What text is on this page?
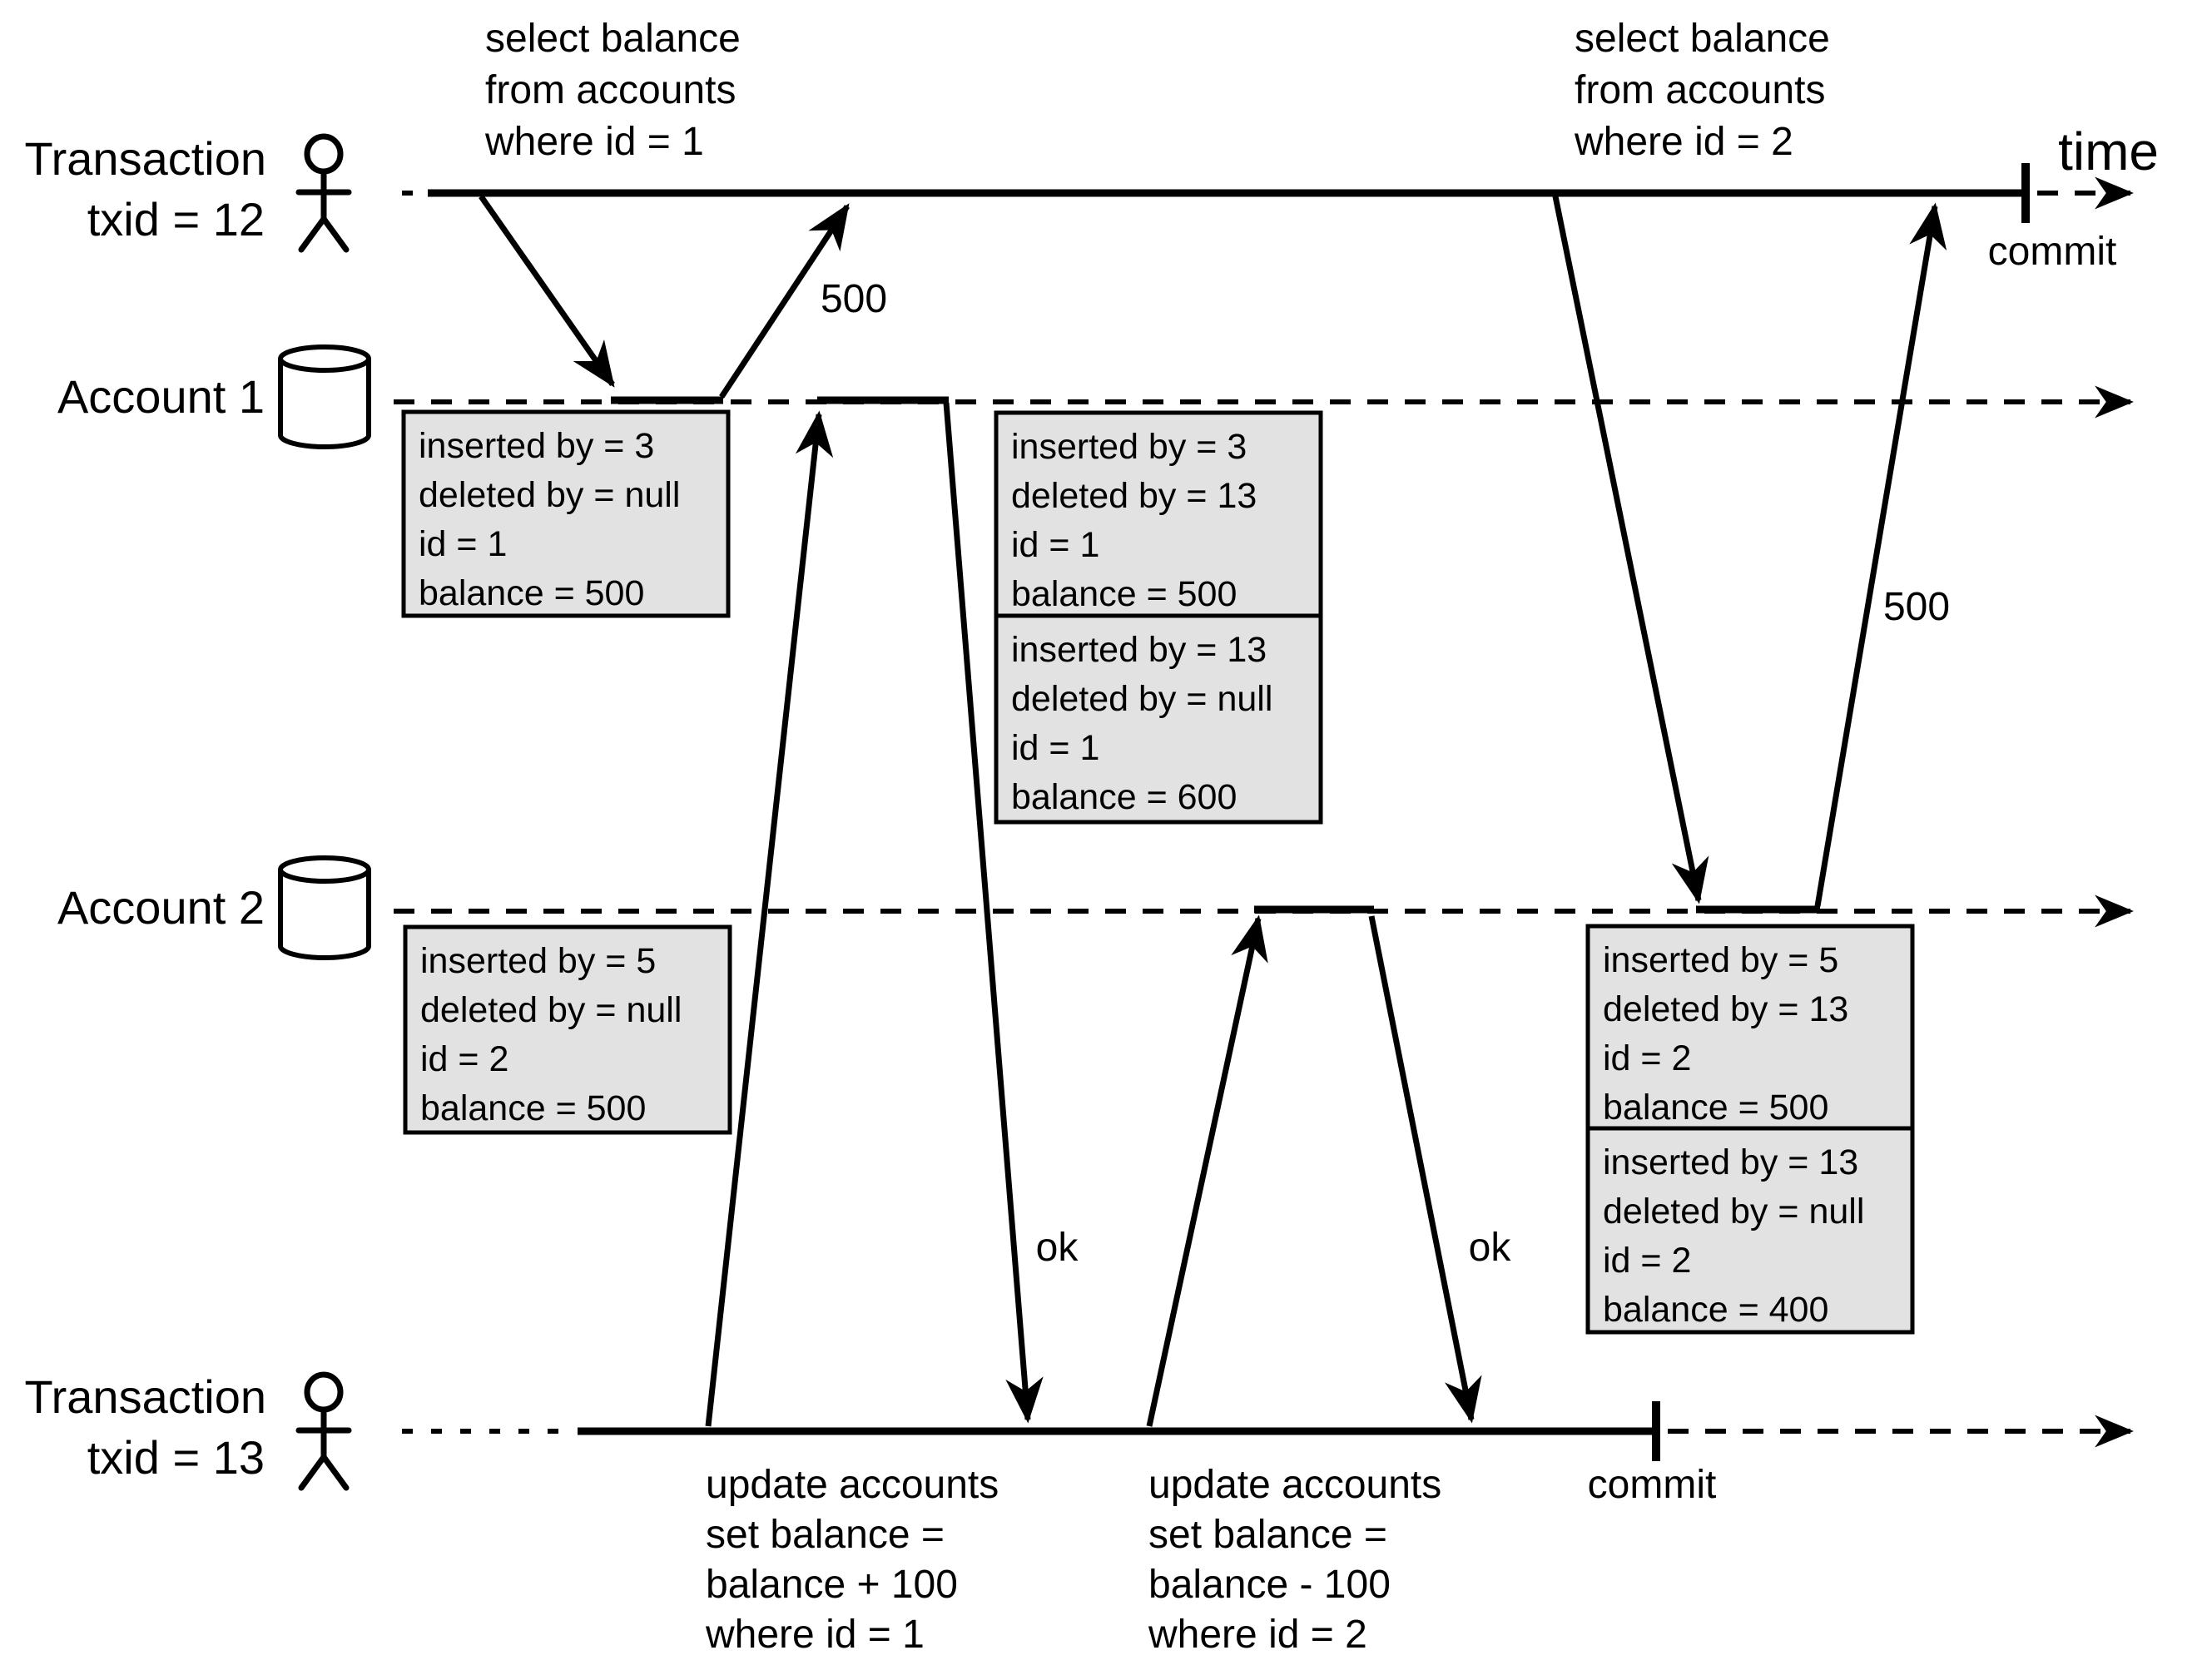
Transaction
txid = 12
Account 1
Account 2
Transaction
txid = 13
time
select balance
from accounts
where id = 1
select balance
from accounts
where id = 2
update accounts
set balance =
balance + 100
where id = 1
update accounts
set balance =
balance - 100
where id = 2
500
500
ok	ok
commit
commit
inserted by = 3
deleted by = null
id = 1
balance = 500
inserted by = 3
deleted by = 13
id = 1
balance = 500
inserted by = 13
deleted by = null
id = 1
balance = 600
inserted by = 5
deleted by = null
id = 2
balance = 500
inserted by = 5
deleted by = 13
id = 2
balance = 500
inserted by = 13
deleted by = null
id = 2
balance = 400
